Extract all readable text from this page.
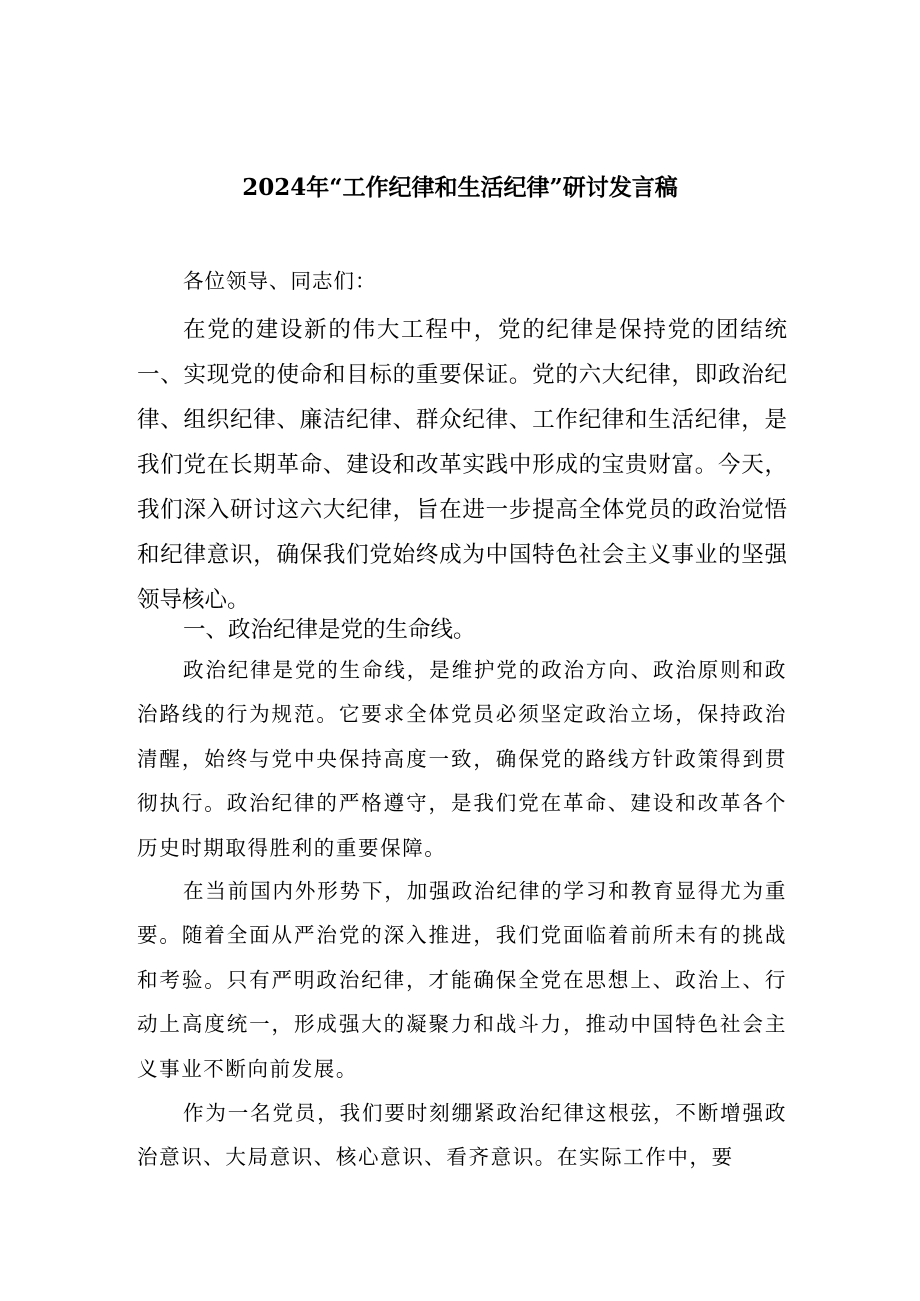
2024年“工作纪律和生活纪律”研讨发言稿

各位领导、同志们：

在党的建设新的伟大工程中，党的纪律是保持党的团结统一、实现党的使命和目标的重要保证。党的六大纪律，即政治纪律、组织纪律、廉洁纪律、群众纪律、工作纪律和生活纪律，是我们党在长期革命、建设和改革实践中形成的宝贵财富。今天，我们深入研讨这六大纪律，旨在进一步提高全体党员的政治觉悟和纪律意识，确保我们党始终成为中国特色社会主义事业的坚强领导核心。

一、政治纪律是党的生命线。

政治纪律是党的生命线，是维护党的政治方向、政治原则和政治路线的行为规范。它要求全体党员必须坚定政治立场，保持政治清醒，始终与党中央保持高度一致，确保党的路线方针政策得到贯彻执行。政治纪律的严格遵守，是我们党在革命、建设和改革各个历史时期取得胜利的重要保障。

在当前国内外形势下，加强政治纪律的学习和教育显得尤为重要。随着全面从严治党的深入推进，我们党面临着前所未有的挑战和考验。只有严明政治纪律，才能确保全党在思想上、政治上、行动上高度统一，形成强大的凝聚力和战斗力，推动中国特色社会主义事业不断向前发展。

作为一名党员，我们要时刻绷紧政治纪律这根弦，不断增强政治意识、大局意识、核心意识、看齐意识。在实际工作中，要
